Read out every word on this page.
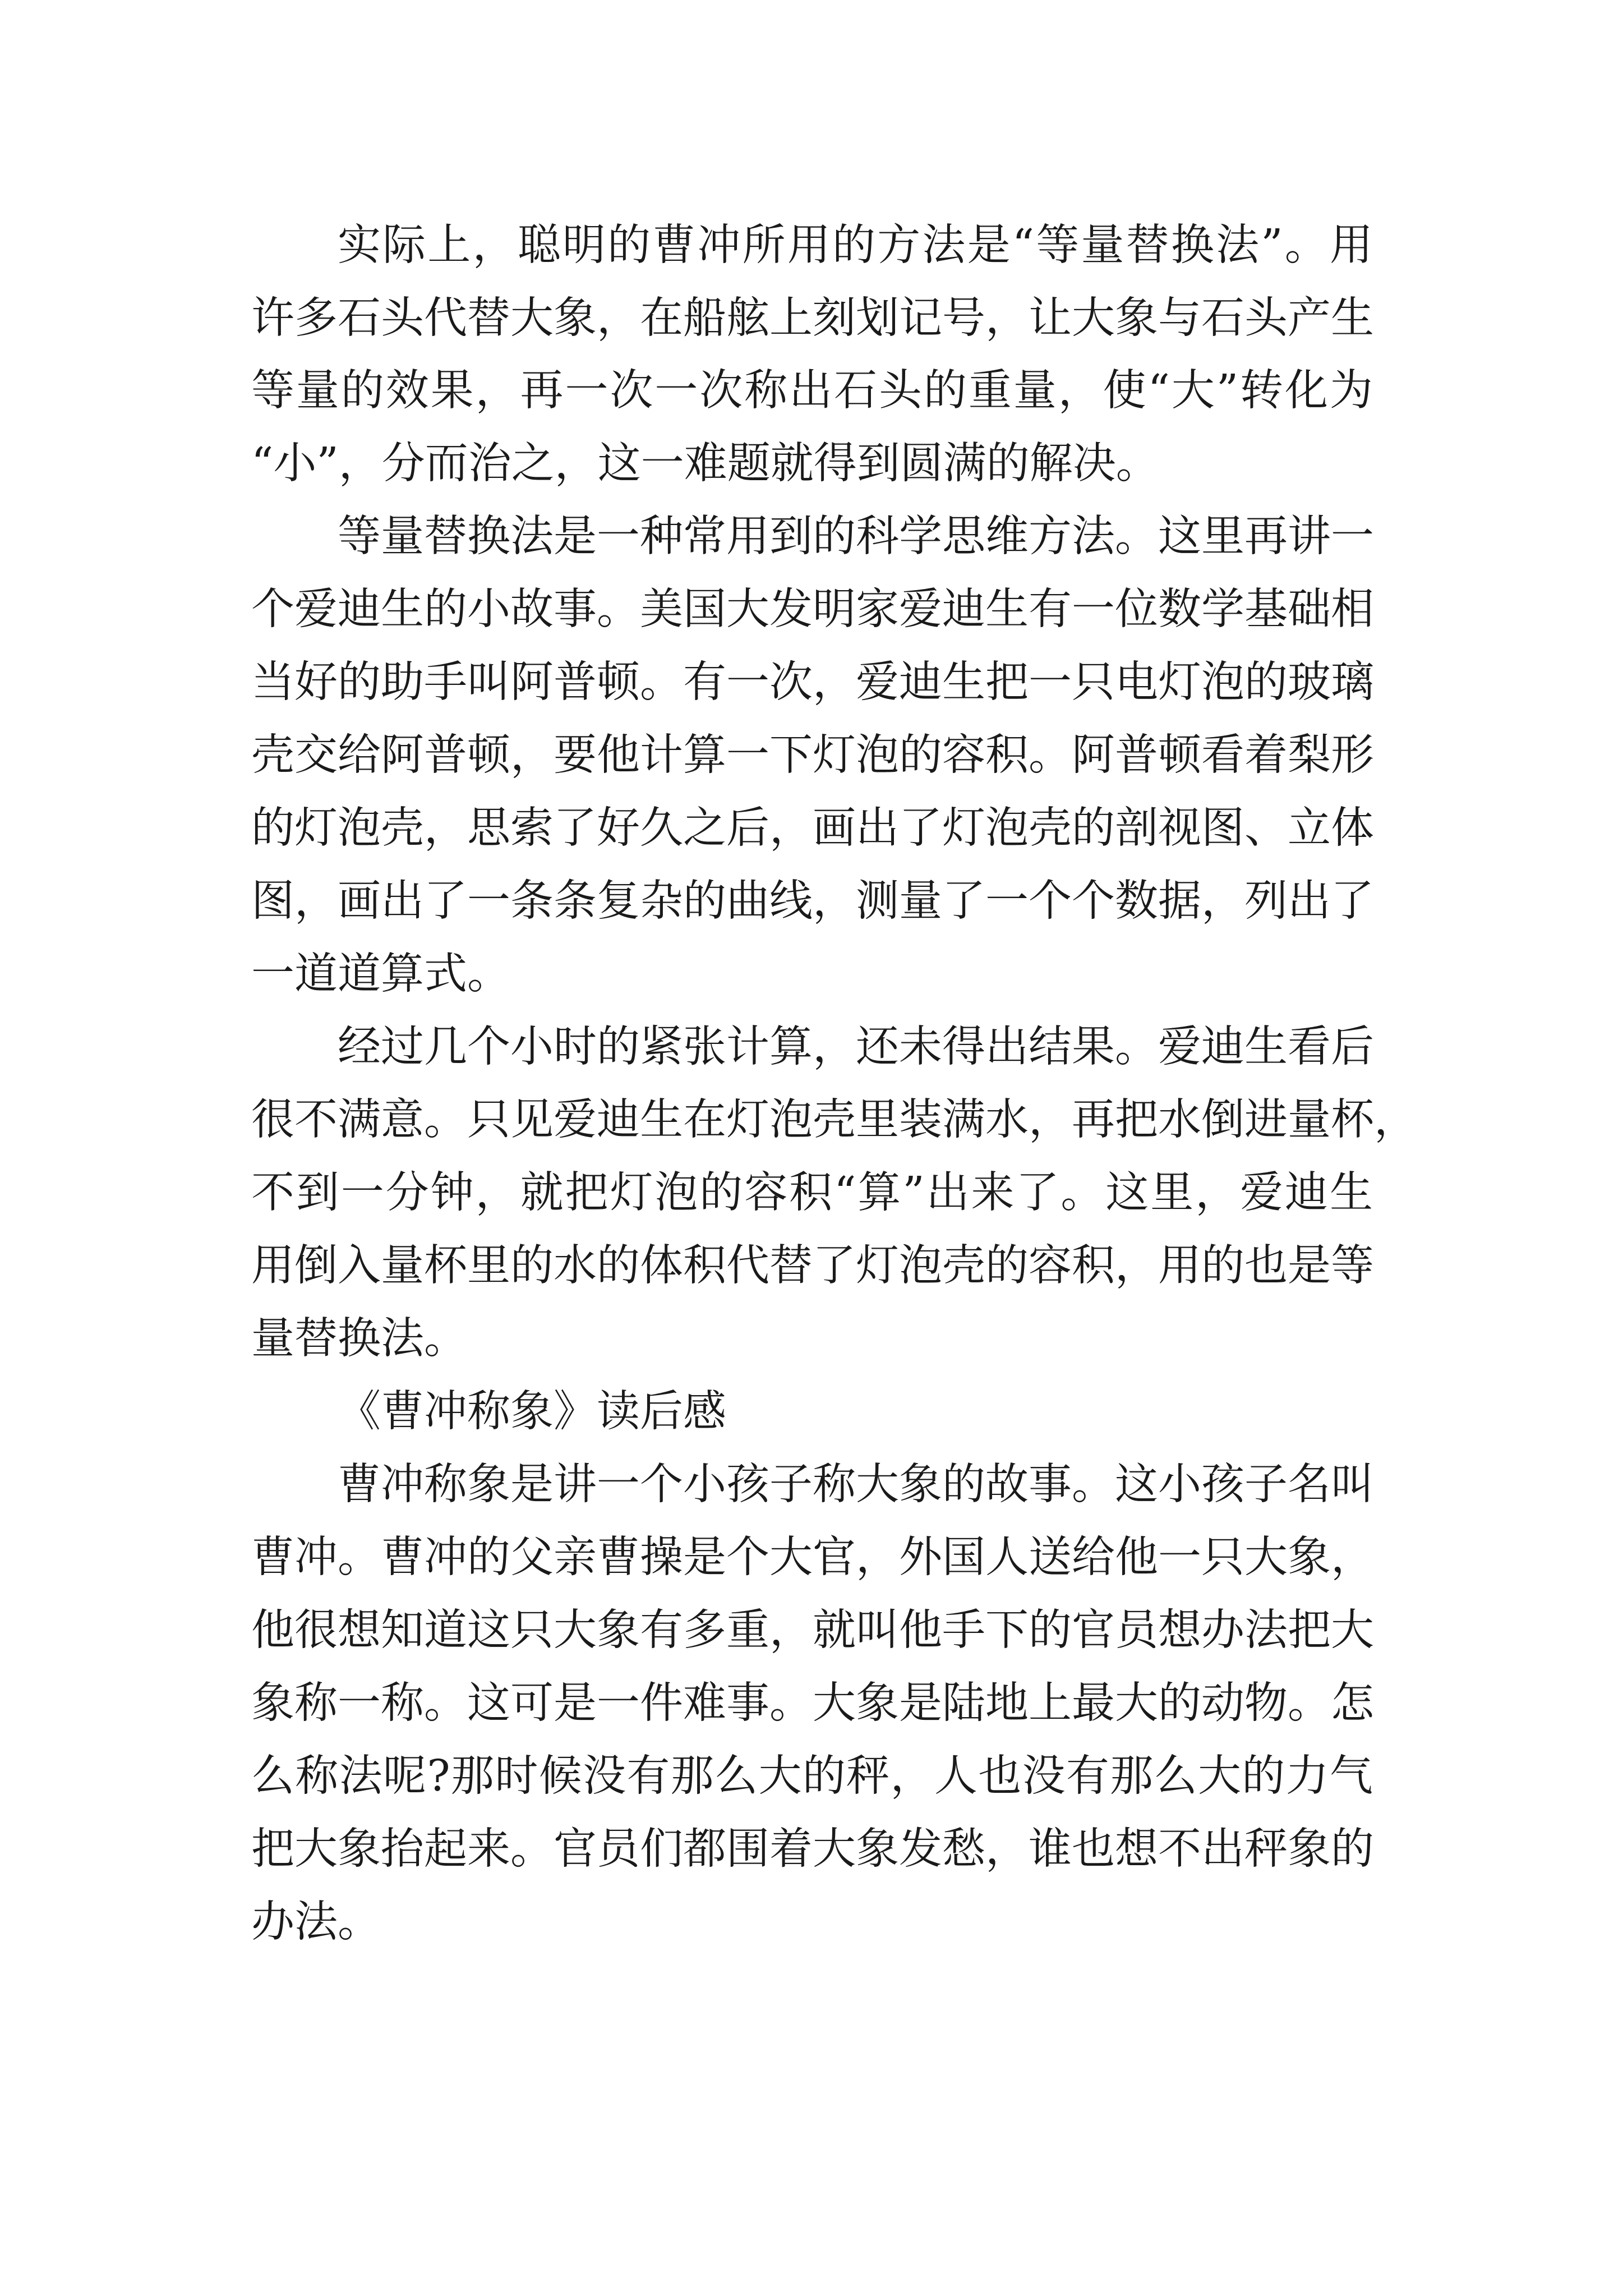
实际上，聪明的曹冲所用的方法是“等量替换法”。用

许多石头代替大象，在船舷上刻划记号，让大象与石头产生

等量的效果，再一次一次称出石头的重量，使“大”转化为

“小”，分而治之，这一难题就得到圆满的解决。

等量替换法是一种常用到的科学思维方法。这里再讲一

个爱迪生的小故事。美国大发明家爱迪生有一位数学基础相

当好的助手叫阿普顿。有一次，爱迪生把一只电灯泡的玻璃

壳交给阿普顿，要他计算一下灯泡的容积。阿普顿看着梨形

的灯泡壳，思索了好久之后，画出了灯泡壳的剖视图、立体

图，画出了一条条复杂的曲线，测量了一个个数据，列出了

一道道算式。

经过几个小时的紧张计算，还未得出结果。爱迪生看后

很不满意。只见爱迪生在灯泡壳里装满水，再把水倒进量杯，

不到一分钟，就把灯泡的容积“算”出来了。这里，爱迪生

用倒入量杯里的水的体积代替了灯泡壳的容积，用的也是等

量替换法。

《曹冲称象》读后感

曹冲称象是讲一个小孩子称大象的故事。这小孩子名叫

曹冲。曹冲的父亲曹操是个大官，外国人送给他一只大象，

他很想知道这只大象有多重，就叫他手下的官员想办法把大

象称一称。这可是一件难事。大象是陆地上最大的动物。怎

么称法呢?那时候没有那么大的秤，人也没有那么大的力气

把大象抬起来。官员们都围着大象发愁，谁也想不出秤象的

办法。
